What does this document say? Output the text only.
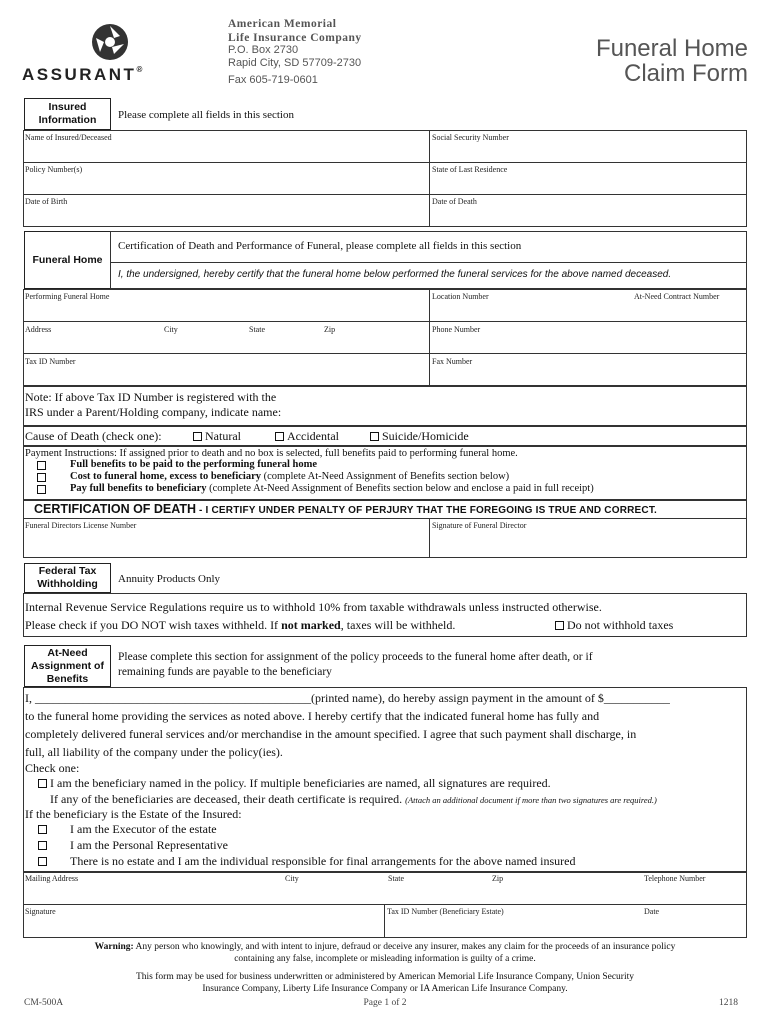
ASSURANT®
American Memorial
Life Insurance Company
P.O. Box 2730
Rapid City, SD 57709-2730
Fax 605-719-0601
Funeral Home
Claim Form
Insured Information	Please complete all fields in this section
Name of Insured/Deceased	Social Security Number
Policy Number(s)	State of Last Residence
Date of Birth	Date of Death
Funeral Home
Certification of Death and Performance of Funeral, please complete all fields in this section
I, the undersigned, hereby certify that the funeral home below performed the funeral services for the above named deceased.
Performing Funeral Home	Location Number	At-Need Contract Number
Address	City	State	Zip	Phone Number
Tax ID Number	Fax Number
Note: If above Tax ID Number is registered with the
IRS under a Parent/Holding company, indicate name:
Cause of Death (check one):	Natural	Accidental	Suicide/Homicide
Payment Instructions: If assigned prior to death and no box is selected, full benefits paid to performing funeral home.
Full benefits to be paid to the performing funeral home
Cost to funeral home, excess to beneficiary (complete At-Need Assignment of Benefits section below)
Pay full benefits to beneficiary (complete At-Need Assignment of Benefits section below and enclose a paid in full receipt)
CERTIFICATION OF DEATH - I CERTIFY UNDER PENALTY OF PERJURY THAT THE FOREGOING IS TRUE AND CORRECT.
Funeral Directors License Number	Signature of Funeral Director
Federal Tax Withholding	Annuity Products Only
Internal Revenue Service Regulations require us to withhold 10% from taxable withdrawals unless instructed otherwise.
Please check if you DO NOT wish taxes withheld. If not marked, taxes will be withheld.	Do not withhold taxes
At-Need Assignment of Benefits
Please complete this section for assignment of the policy proceeds to the funeral home after death, or if
remaining funds are payable to the beneficiary
I, ______________________________________________(printed name), do hereby assign payment in the amount of $___________
to the funeral home providing the services as noted above. I hereby certify that the indicated funeral home has fully and
completely delivered funeral services and/or merchandise in the amount specified. I agree that such payment shall discharge, in
full, all liability of the company under the policy(ies).
Check one:
I am the beneficiary named in the policy. If multiple beneficiaries are named, all signatures are required.
If any of the beneficiaries are deceased, their death certificate is required. (Attach an additional document if more than two signatures are required.)
If the beneficiary is the Estate of the Insured:
I am the Executor of the estate
I am the Personal Representative
There is no estate and I am the individual responsible for final arrangements for the above named insured
Mailing Address	City	State	Zip	Telephone Number
Signature	Tax ID Number (Beneficiary Estate)	Date
Warning: Any person who knowingly, and with intent to injure, defraud or deceive any insurer, makes any claim for the proceeds of an insurance policy
containing any false, incomplete or misleading information is guilty of a crime.
This form may be used for business underwritten or administered by American Memorial Life Insurance Company, Union Security
Insurance Company, Liberty Life Insurance Company or IA American Life Insurance Company.
CM-500A	Page 1 of 2	1218
